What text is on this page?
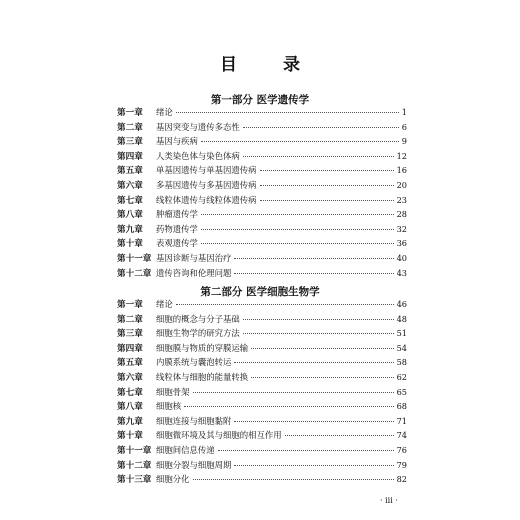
目 录
第一部分 医学遗传学
第一章	绪论	1
第二章	基因突变与遗传多态性	6
第三章	基因与疾病	9
第四章	人类染色体与染色体病	12
第五章	单基因遗传与单基因遗传病	16
第六章	多基因遗传与多基因遗传病	20
第七章	线粒体遗传与线粒体遗传病	23
第八章	肿瘤遗传学	28
第九章	药物遗传学	32
第十章	表观遗传学	36
第十一章 基因诊断与基因治疗	40
第十二章 遗传咨询和伦理问题	43
第二部分 医学细胞生物学
第一章	绪论	46
第二章	细胞的概念与分子基础	48
第三章	细胞生物学的研究方法	51
第四章	细胞膜与物质的穿膜运输	54
第五章	内膜系统与囊泡转运	58
第六章	线粒体与细胞的能量转换	62
第七章	细胞骨架	65
第八章	细胞核	68
第九章	细胞连接与细胞黏附	71
第十章	细胞微环境及其与细胞的相互作用	74
第十一章 细胞间信息传递	76
第十二章 细胞分裂与细胞周期	79
第十三章 细胞分化	82
· iii ·
